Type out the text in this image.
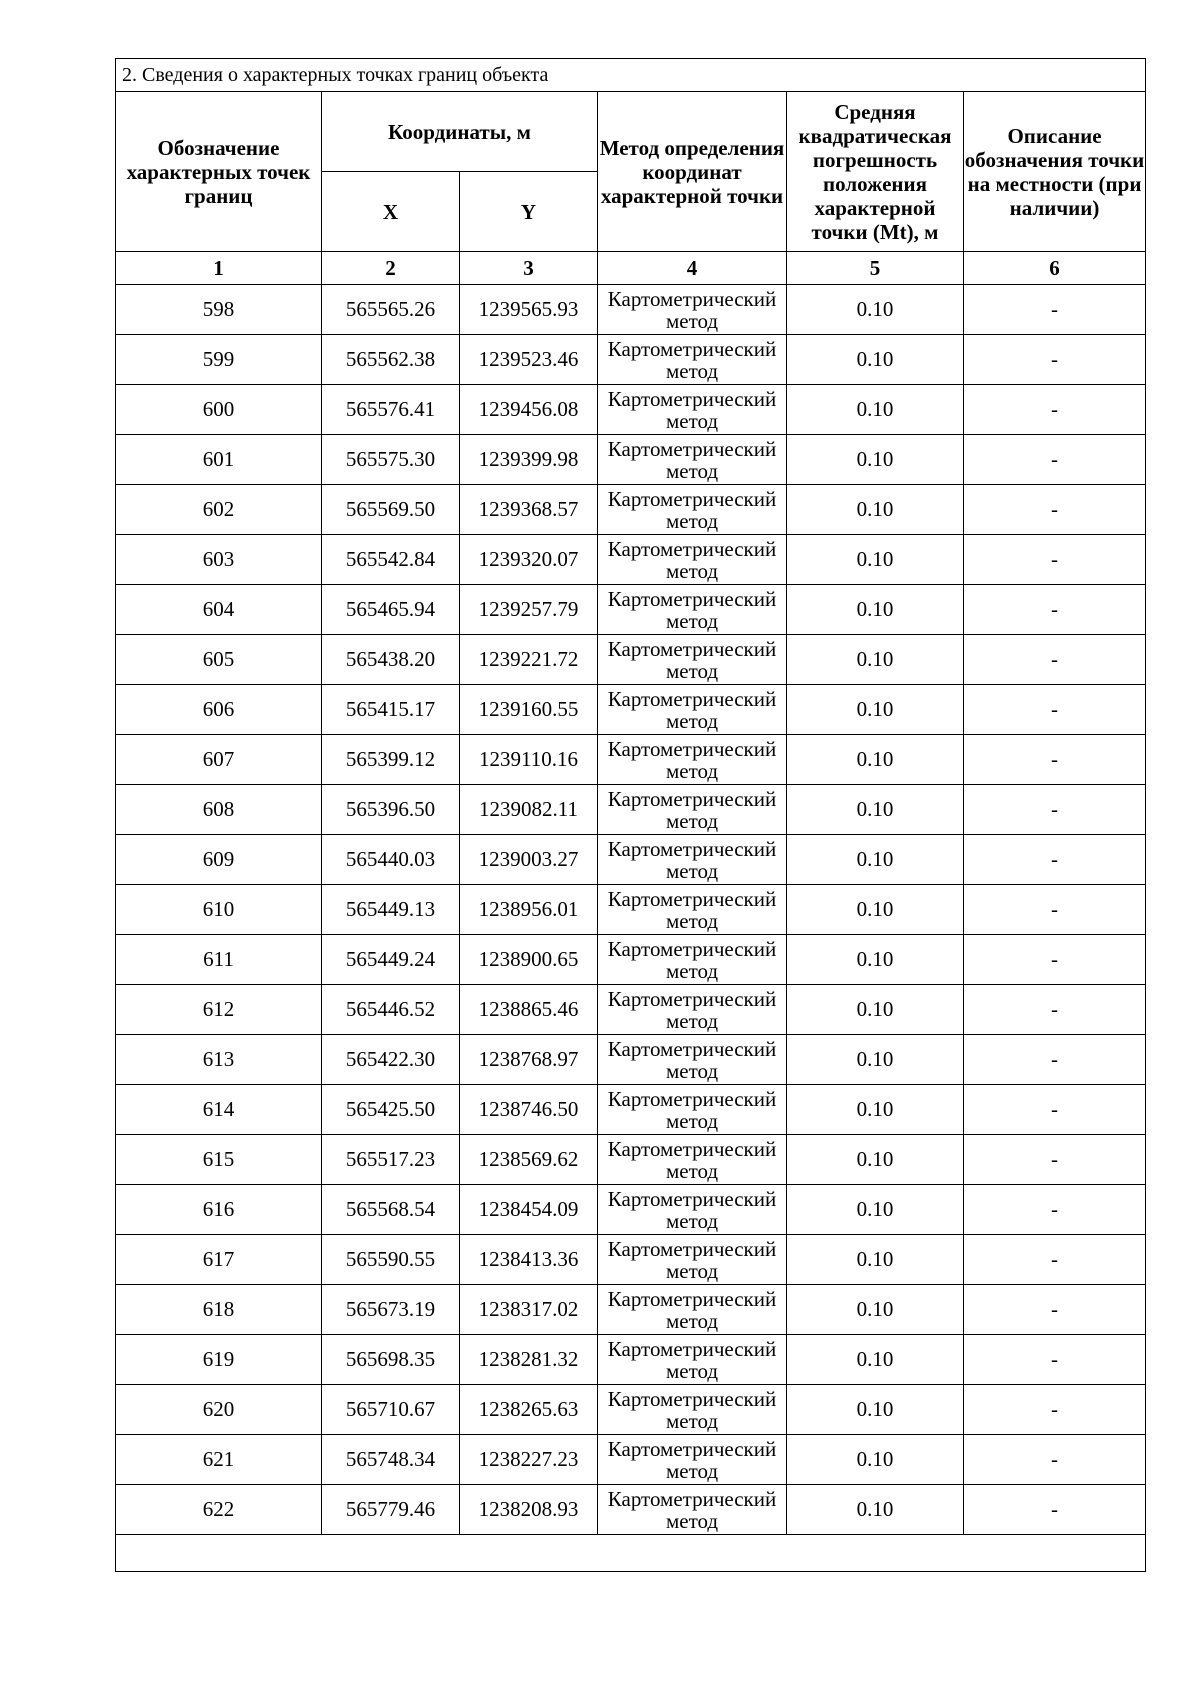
2. Сведения о характерных точках границ объекта					
Обозначение характерных точек границ	Координаты, м		Метод определения координат характерной точки	Средняя квадратическая погрешность положения характерной точки (Mt), м	Описание обозначения точки на местности (при наличии)
	X	Y			
1	2	3	4	5	6
598	565565.26	1239565.93	Картометрический метод	0.10	-
599	565562.38	1239523.46	Картометрический метод	0.10	-
600	565576.41	1239456.08	Картометрический метод	0.10	-
601	565575.30	1239399.98	Картометрический метод	0.10	-
602	565569.50	1239368.57	Картометрический метод	0.10	-
603	565542.84	1239320.07	Картометрический метод	0.10	-
604	565465.94	1239257.79	Картометрический метод	0.10	-
605	565438.20	1239221.72	Картометрический метод	0.10	-
606	565415.17	1239160.55	Картометрический метод	0.10	-
607	565399.12	1239110.16	Картометрический метод	0.10	-
608	565396.50	1239082.11	Картометрический метод	0.10	-
609	565440.03	1239003.27	Картометрический метод	0.10	-
610	565449.13	1238956.01	Картометрический метод	0.10	-
611	565449.24	1238900.65	Картометрический метод	0.10	-
612	565446.52	1238865.46	Картометрический метод	0.10	-
613	565422.30	1238768.97	Картометрический метод	0.10	-
614	565425.50	1238746.50	Картометрический метод	0.10	-
615	565517.23	1238569.62	Картометрический метод	0.10	-
616	565568.54	1238454.09	Картометрический метод	0.10	-
617	565590.55	1238413.36	Картометрический метод	0.10	-
618	565673.19	1238317.02	Картометрический метод	0.10	-
619	565698.35	1238281.32	Картометрический метод	0.10	-
620	565710.67	1238265.63	Картометрический метод	0.10	-
621	565748.34	1238227.23	Картометрический метод	0.10	-
622	565779.46	1238208.93	Картометрический метод	0.10	-
